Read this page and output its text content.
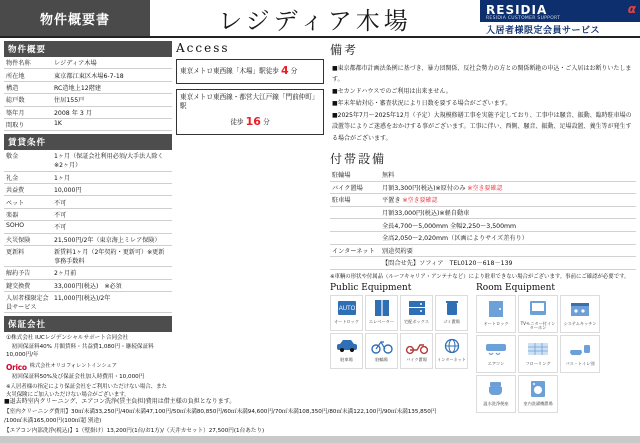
物件概要書	レジディア木場	RESIDIA
RESIDIA CUSTOMER SUPPORT
α
入居者様限定会員サービス
物件概要
物件名称	レジディア木場
所在地	東京都江東区木場6-7-18
構造	RC造地上12階建
総戸数	住居155戸
築年月	2008 年 3 月
間取り	1K
賃貸条件
敷金	1ヶ月（保証会社利用必須/大手法人除く※2ヶ月）
礼金	1ヶ月
共益費	10,000円
ペット	不可
楽器	不可
SOHO	不可
火災保険	21,500円/2年（東京海上ミレア保険）
更新料	新賃料1ヶ月（2年契約・更新可）※更新事務手数料
解約予告	2ヶ月前
鍵交換費	33,000円(税込)　※必須
入居者様限定会員サービス	11,000円(税込)/2年
保証会社
①株式会社 IUCレジデンシャルサポート合同会社
　初回保証料40% 月額賃料・共益費1,080円・継続保証料10,000円/年
Orico 株式会社オリコフォレントインシュア
　初回保証料50%及び保証会社加入時費用・10,000円
※入居者様の指定により保証会社をご利用いただけない場合、また火災保険にご加入いただけない場合がございます。
Access
東京メトロ東西線「木場」駅徒歩 4 分
東京メトロ東西線・都営大江戸線「門前仲町」駅
徒歩 16 分
備考
■東京都都市計画法条例に基づき、暴力団関係、反社会勢力の方との関係断絶の申込・ご入居はお断りいたします。
■セカンドハウスでのご利用は出来ません。
■年末年始対応・審査状況により日数を要する場合がございます。
■2025年7月～2025年12月（予定）大規模修繕工事を実施予定しており、工事中は騒音、振動、臨時駐車場の設置等によりご迷惑をおかけする事がございます。工事に伴い、西側、騒音、振動、足場設置、養生等が発生する場合がございます。
付帯設備
駐輪場	無料
バイク置場	月額3,300円(税込)※原付のみ ※空き要確認
駐車場	平置き ※空き要確認
	月額33,000円(税込)※軽自動車
	全長4,700～5,000mm 全幅2,250～3,500mm
	全高2,050～2,020mm（区画によりサイズ差有り）
インターネット	別途契約要
	【問合せ先】ソフィア　TEL0120－618－139
※車輌の形状や付属品（ルーフキャリア・アンテナなど）により駐車できない場合がございます。事前にご確認が必要です。
Public Equipment
AUTO
オートロック エレベーター 宅配ボックス	ゴミ置場
駐車場	駐輪場	バイク置場 インターネット
Room Equipment
オートロック	TVモニター付インターホン
システムキッチン
エアコン	フローリング	バス・トイレ別
温水洗浄便座	室内洗濯機置場
■退去時室内クリーニング、エアコン洗浄(賃主負担)費用は借主様の負担となります。
【室内クリーニング費用】30㎡未満33,250円/40㎡未満47,100円/50㎡未満80,850円/60㎡未満94,600円/70㎡未満108,350円/80㎡未満122,100円/90㎡未満135,850円
/100㎡未満165,000円(100㎡超 別途)
【エアコン内部洗浄(税込)】1（壁掛け）13,200円(1台/お1方)/（天井カセット）27,500円(1台あたり)
